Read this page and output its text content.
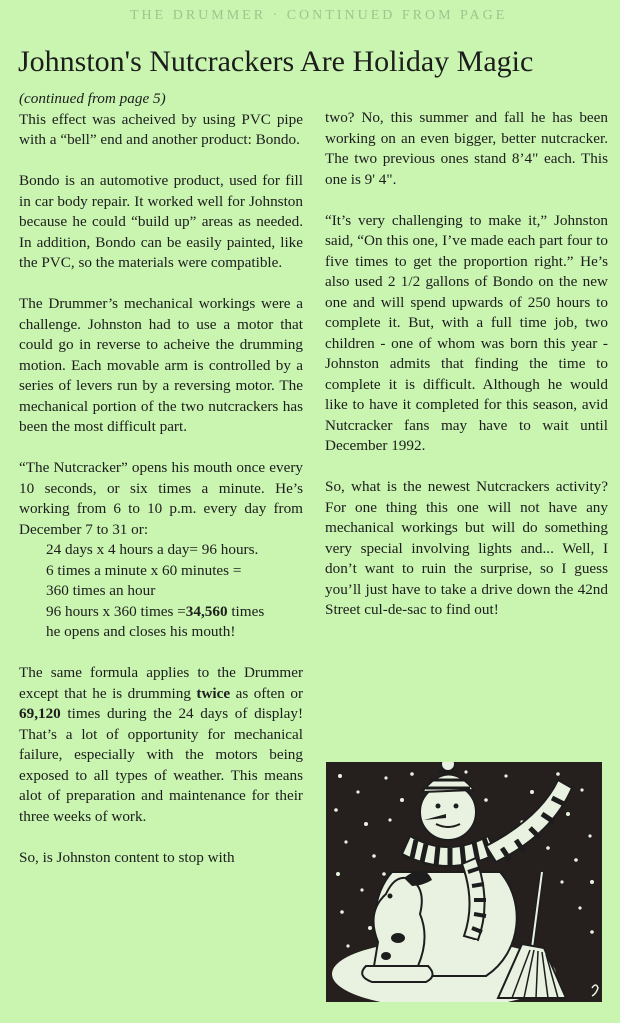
THE DRUMMER · CONTINUED FROM PAGE
Johnston's Nutcrackers Are Holiday Magic
(continued from page 5)

This effect was acheived by using PVC pipe with a “bell” end and another product: Bondo.

Bondo is an automotive product, used for fill in car body repair. It worked well for Johnston because he could “build up” areas as needed. In addition, Bondo can be easily painted, like the PVC, so the materials were compatible.

The Drummer’s mechanical workings were a challenge. Johnston had to use a motor that could go in reverse to acheive the drumming motion. Each movable arm is controlled by a series of levers run by a reversing motor. The mechanical portion of the two nutcrackers has been the most difficult part.

“The Nutcracker” opens his mouth once every 10 seconds, or six times a minute. He’s working from 6 to 10 p.m. every day from December 7 to 31 or:

24 days x 4 hours a day= 96 hours.
6 times a minute x 60 minutes =
360 times an hour
96 hours x 360 times =34,560 times
he opens and closes his mouth!

The same formula applies to the Drummer except that he is drumming twice as often or 69,120 times during the 24 days of display! That’s a lot of opportunity for mechanical failure, especially with the motors being exposed to all types of weather. This means alot of preparation and maintenance for their three weeks of work.

So, is Johnston content to stop with

two? No, this summer and fall he has been working on an even bigger, better nutcracker. The two previous ones stand 8’4" each. This one is 9' 4".

“It’s very challenging to make it,” Johnston said, “On this one, I’ve made each part four to five times to get the proportion right.” He’s also used 2 1/2 gallons of Bondo on the new one and will spend upwards of 250 hours to complete it. But, with a full time job, two children - one of whom was born this year - Johnston admits that finding the time to complete it is difficult. Although he would like to have it completed for this season, avid Nutcracker fans may have to wait until December 1992.

So, what is the newest Nutcrackers activity? For one thing this one will not have any mechanical workings but will do something very special involving lights and... Well, I don’t want to ruin the surprise, so I guess you’ll just have to take a drive down the 42nd Street cul-de-sac to find out!
